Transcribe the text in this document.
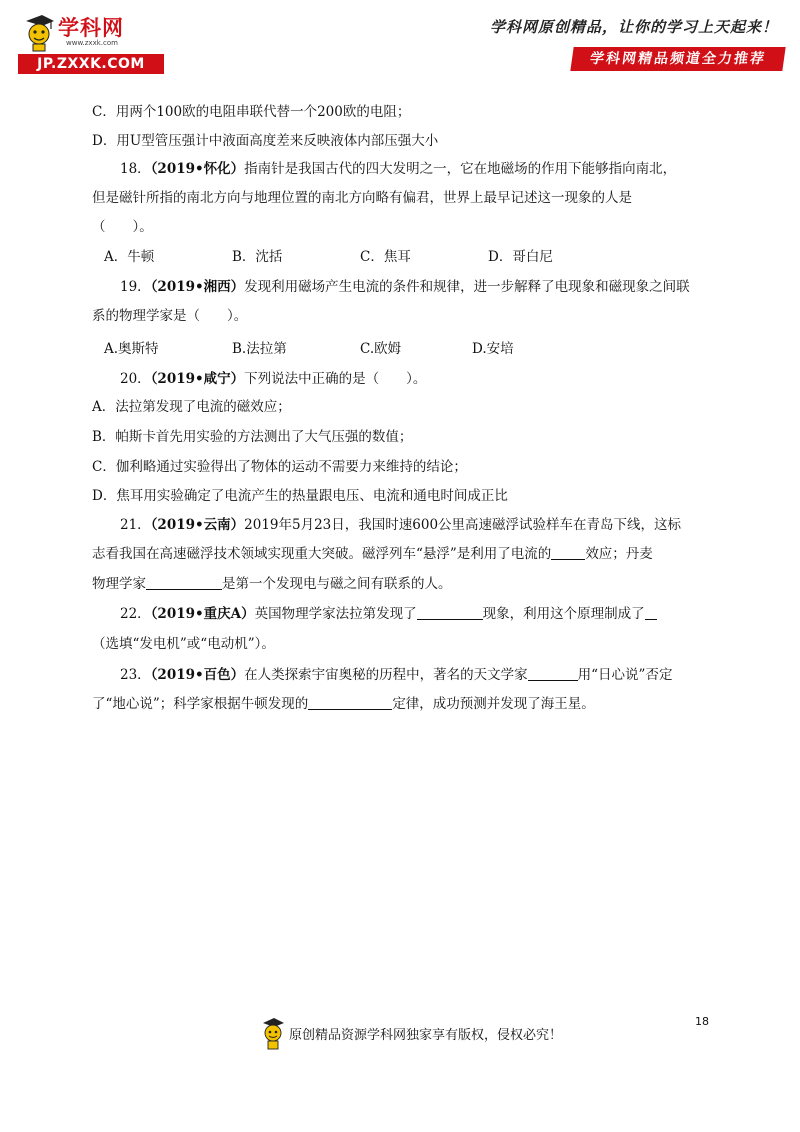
学科网
www.zxxk.com
JP.ZXXK.COM
学科网原创精品，让你的学习上天起来！
学科网精品频道全力推荐
C．用两个100欧的电阻串联代替一个200欧的电阻；
D．用U型管压强计中液面高度差来反映液体内部压强大小
18．（2019•怀化）指南针是我国古代的四大发明之一，它在地磁场的作用下能够指向南北，
但是磁针所指的南北方向与地理位置的南北方向略有偏君，世界上最早记述这一现象的人是
（　　）。
A．牛顿	B．沈括	C．焦耳	D．哥白尼
19．（2019•湘西）发现利用磁场产生电流的条件和规律，进一步解释了电现象和磁现象之间联
系的物理学家是（　　）。
A.奥斯特	B.法拉第	C.欧姆	D.安培
20．（2019•咸宁）下列说法中正确的是（　　）。
A．法拉第发现了电流的磁效应；
B．帕斯卡首先用实验的方法测出了大气压强的数值；
C．伽利略通过实验得出了物体的运动不需要力来维持的结论；
D．焦耳用实验确定了电流产生的热量跟电压、电流和通电时间成正比
21．（2019•云南）2019年5月23日，我国时速600公里高速磁浮试验样车在青岛下线，这标
志看我国在高速磁浮技术领域实现重大突破。磁浮列车“悬浮”是利用了电流的	效应；丹麦
物理学家	是第一个发现电与磁之间有联系的人。
22．（2019•重庆A）英国物理学家法拉第发现了	现象，利用这个原理制成了
（选填“发电机”或“电动机”）。
23．（2019•百色）在人类探索宇宙奥秘的历程中，著名的天文学家	用“日心说”否定
了“地心说”；科学家根据牛顿发现的	定律，成功预测并发现了海王星。
原创精品资源学科网独家享有版权，侵权必究！
18
